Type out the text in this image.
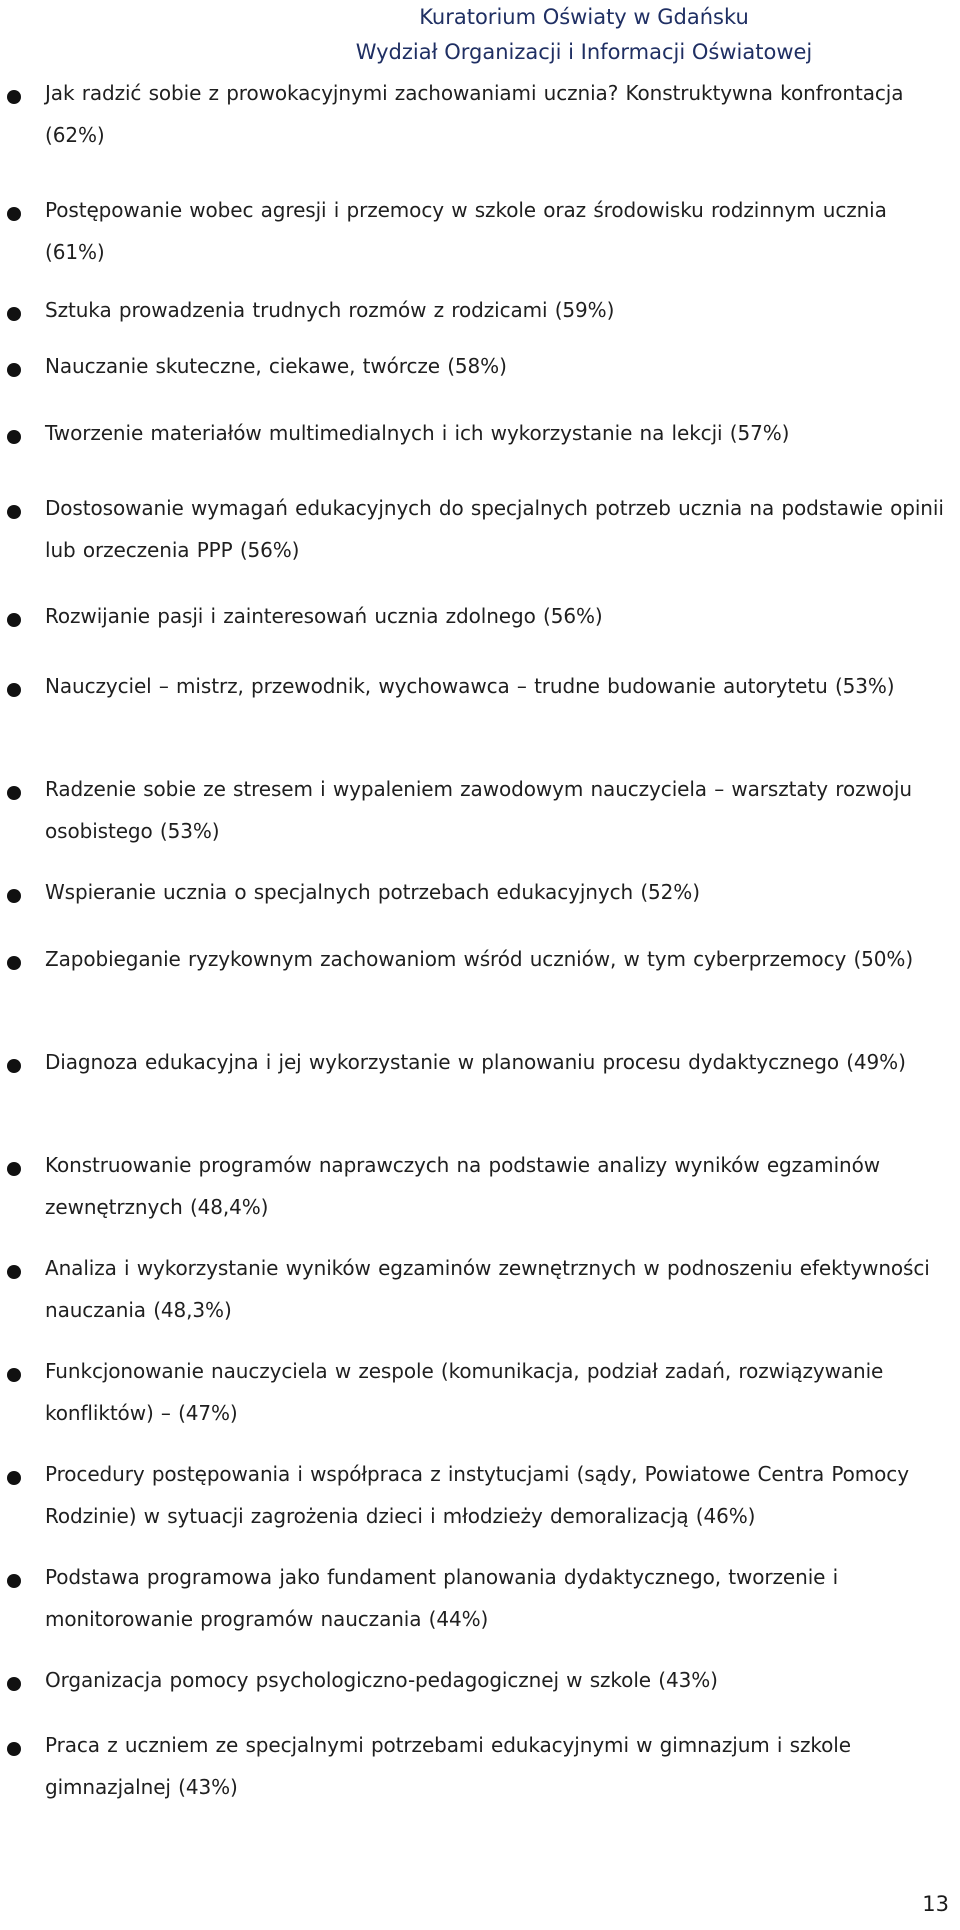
Kuratorium Oświaty w Gdańsku
Wydział Organizacji i Informacji Oświatowej
Jak radzić sobie z prowokacyjnymi zachowaniami ucznia? Konstruktywna konfrontacja (62%)
Postępowanie wobec agresji i przemocy w szkole oraz środowisku rodzinnym ucznia (61%)
Sztuka prowadzenia trudnych rozmów z rodzicami (59%)
Nauczanie skuteczne, ciekawe, twórcze (58%)
Tworzenie materiałów multimedialnych i ich wykorzystanie na lekcji (57%)
Dostosowanie wymagań edukacyjnych do specjalnych potrzeb ucznia na podstawie opinii lub orzeczenia PPP (56%)
Rozwijanie pasji i zainteresowań ucznia zdolnego (56%)
Nauczyciel – mistrz, przewodnik, wychowawca – trudne budowanie autorytetu (53%)
Radzenie sobie ze stresem i wypaleniem zawodowym nauczyciela – warsztaty rozwoju osobistego (53%)
Wspieranie ucznia o specjalnych potrzebach edukacyjnych (52%)
Zapobieganie ryzykownym zachowaniom wśród uczniów, w tym cyberprzemocy (50%)
Diagnoza edukacyjna i jej wykorzystanie w planowaniu procesu dydaktycznego (49%)
Konstruowanie programów naprawczych na podstawie analizy wyników egzaminów zewnętrznych (48,4%)
Analiza i wykorzystanie wyników egzaminów zewnętrznych w podnoszeniu efektywności nauczania (48,3%)
Funkcjonowanie nauczyciela w zespole (komunikacja, podział zadań, rozwiązywanie konfliktów) – (47%)
Procedury postępowania i współpraca z instytucjami (sądy, Powiatowe Centra Pomocy Rodzinie) w sytuacji zagrożenia dzieci i młodzieży demoralizacją (46%)
Podstawa programowa jako fundament planowania dydaktycznego, tworzenie i monitorowanie programów nauczania (44%)
Organizacja pomocy psychologiczno-pedagogicznej w szkole (43%)
Praca z uczniem ze specjalnymi potrzebami edukacyjnymi w gimnazjum i szkole gimnazjalnej (43%)
13
